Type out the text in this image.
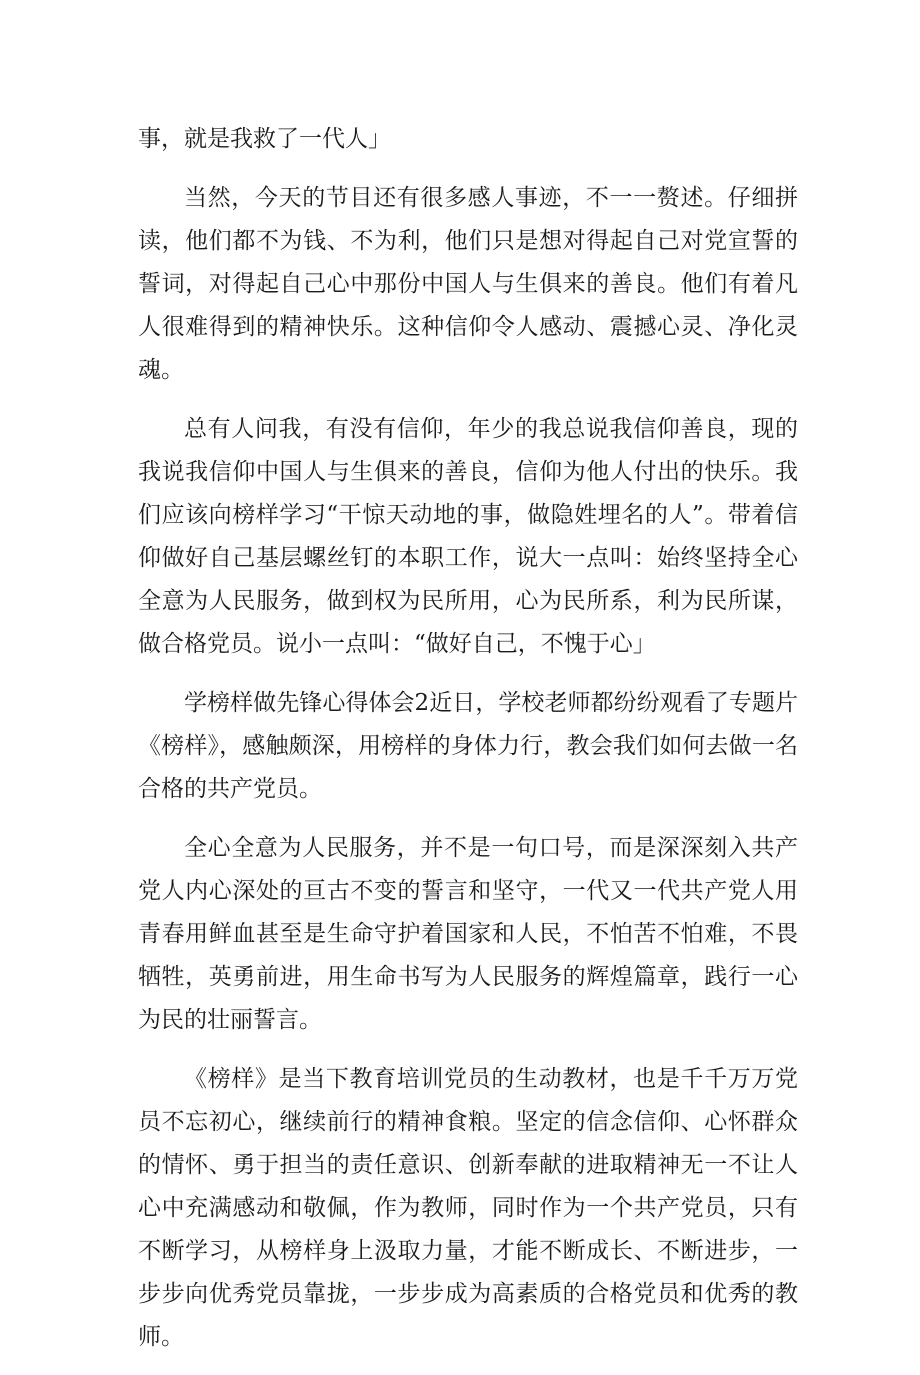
事，就是我救了一代人」

当然，今天的节目还有很多感人事迹，不一一赘述。仔细拼读，他们都不为钱、不为利，他们只是想对得起自己对党宣誓的誓词，对得起自己心中那份中国人与生俱来的善良。他们有着凡人很难得到的精神快乐。这种信仰令人感动、震撼心灵、净化灵魂。

总有人问我，有没有信仰，年少的我总说我信仰善良，现的我说我信仰中国人与生俱来的善良，信仰为他人付出的快乐。我们应该向榜样学习“干惊天动地的事，做隐姓埋名的人”。带着信仰做好自己基层螺丝钉的本职工作，说大一点叫：始终坚持全心全意为人民服务，做到权为民所用，心为民所系，利为民所谋，做合格党员。说小一点叫：“做好自己，不愧于心」

学榜样做先锋心得体会2近日，学校老师都纷纷观看了专题片《榜样》，感触颇深，用榜样的身体力行，教会我们如何去做一名合格的共产党员。

全心全意为人民服务，并不是一句口号，而是深深刻入共产党人内心深处的亘古不变的誓言和坚守，一代又一代共产党人用青春用鲜血甚至是生命守护着国家和人民，不怕苦不怕难，不畏牺牲，英勇前进，用生命书写为人民服务的辉煌篇章，践行一心为民的壮丽誓言。

《榜样》是当下教育培训党员的生动教材，也是千千万万党员不忘初心，继续前行的精神食粮。坚定的信念信仰、心怀群众的情怀、勇于担当的责任意识、创新奉献的进取精神无一不让人心中充满感动和敬佩，作为教师，同时作为一个共产党员，只有不断学习，从榜样身上汲取力量，才能不断成长、不断进步，一步步向优秀党员靠拢，一步步成为高素质的合格党员和优秀的教师。
